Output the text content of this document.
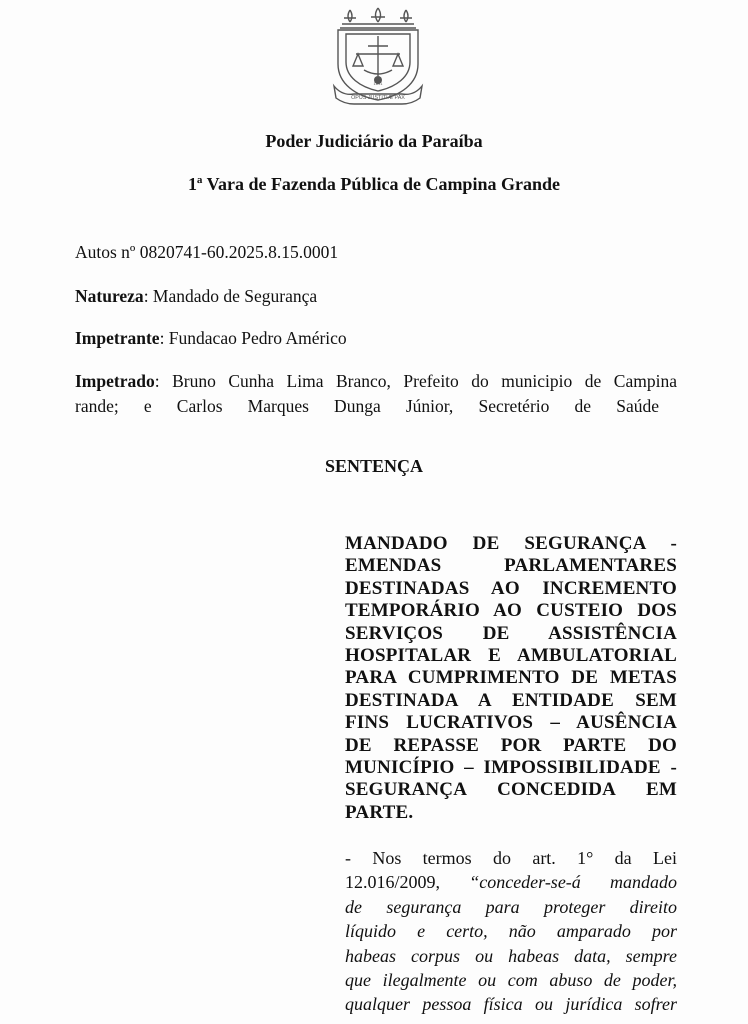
1891
OPUS JUSTITIÆ PAX
Poder Judiciário da Paraíba
1ª Vara de Fazenda Pública de Campina Grande
Autos nº 0820741-60.2025.8.15.0001
Natureza: Mandado de Segurança
Impetrante: Fundacao Pedro Américo
Impetrado: Bruno Cunha Lima Branco, Prefeito do municipio de Campina
rande; e Carlos Marques Dunga Júnior, Secretério de Saúde
SENTENÇA
MANDADO DE SEGURANÇA -
EMENDAS PARLAMENTARES
DESTINADAS AO INCREMENTO
TEMPORÁRIO AO CUSTEIO DOS
SERVIÇOS DE ASSISTÊNCIA
HOSPITALAR E AMBULATORIAL
PARA CUMPRIMENTO DE METAS
DESTINADA A ENTIDADE SEM
FINS LUCRATIVOS – AUSÊNCIA
DE REPASSE POR PARTE DO
MUNICÍPIO – IMPOSSIBILIDADE -
SEGURANÇA CONCEDIDA EM
PARTE.
- Nos termos do art. 1° da Lei
12.016/2009, “conceder-se-á mandado
de segurança para proteger direito
líquido e certo, não amparado por
habeas corpus ou habeas data, sempre
que ilegalmente ou com abuso de poder,
qualquer pessoa física ou jurídica sofrer
